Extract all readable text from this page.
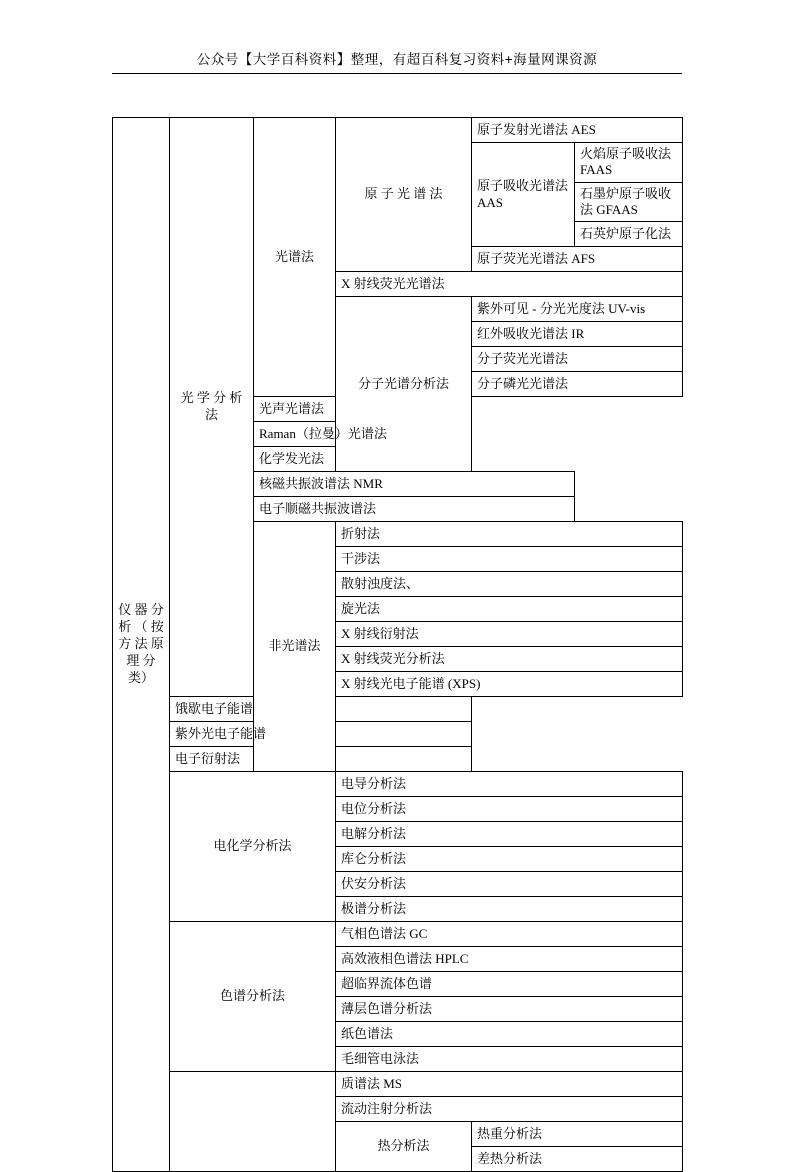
公众号【大学百科资料】整理，有超百科复习资料+海量网课资源
仪 器 分 析 （ 按 方 法 原 理 分类）	光 学 分 析 法	光谱法	原 子 光 谱 法	原子发射光谱法 AES	
				原子吸收光谱法 AAS	火焰原子吸收法 FAAS
					石墨炉原子吸收法 GFAAS
					石英炉原子化法
				原子荧光光谱法 AFS	
			X 射线荧光光谱法		
			分子光谱分析法	紫外可见 - 分光光度法 UV-vis	
				红外吸收光谱法 IR	
				分子荧光光谱法	
				分子磷光光谱法	
		光声光谱法			
		Raman（拉曼）光谱法			
		化学发光法			
		核磁共振波谱法 NMR			
		电子顺磁共振波谱法			
		非光谱法	折射法		
			干涉法		
			散射浊度法、		
			旋光法		
			X 射线衍射法		
			X 射线荧光分析法		
			X 射线光电子能谱 (XPS)		
	饿歇电子能谱				
	紫外光电子能谱				
	电子衍射法				
	电化学分析法		电导分析法		
			电位分析法		
			电解分析法		
			库仑分析法		
			伏安分析法		
			极谱分析法		
	色谱分析法		气相色谱法 GC		
			高效液相色谱法 HPLC		
			超临界流体色谱		
			薄层色谱分析法		
			纸色谱法		
			毛细管电泳法		
			质谱法 MS		
			流动注射分析法		
			热分析法	热重分析法	
				差热分析法	
